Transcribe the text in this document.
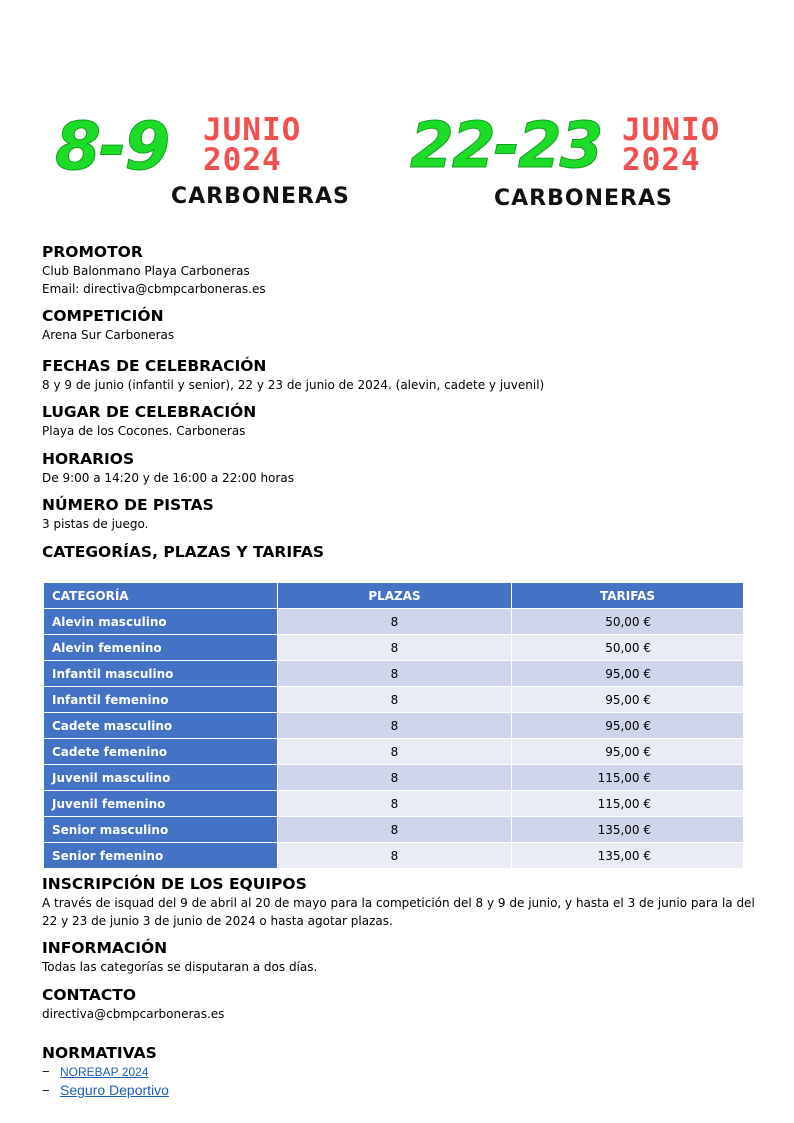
8-9 JUNIO
2024
CARBONERAS
22-23 JUNIO
2024
CARBONERAS

PROMOTOR

Club Balonmano Playa Carboneras

Email: directiva@cbmpcarboneras.es

COMPETICIÓN

Arena Sur Carboneras

FECHAS DE CELEBRACIÓN

8 y 9 de junio (infantil y senior), 22 y 23 de junio de 2024. (alevin, cadete y juvenil)

LUGAR DE CELEBRACIÓN

Playa de los Cocones. Carboneras

HORARIOS

De 9:00 a 14:20 y de 16:00 a 22:00 horas

NÚMERO DE PISTAS

3 pistas de juego.

CATEGORÍAS, PLAZAS Y TARIFAS

CATEGORÍA	PLAZAS	TARIFAS
Alevin masculino	8	50,00 €
Alevin femenino	8	50,00 €
Infantil masculino	8	95,00 €
Infantil femenino	8	95,00 €
Cadete masculino	8	95,00 €
Cadete femenino	8	95,00 €
Juvenil masculino	8	115,00 €
Juvenil femenino	8	115,00 €
Senior masculino	8	135,00 €
Senior femenino	8	135,00 €

INSCRIPCIÓN DE LOS EQUIPOS

A través de isquad del 9 de abril al 20 de mayo para la competición del 8 y 9 de junio, y hasta el 3 de junio para la del

22 y 23 de junio 3 de junio de 2024 o hasta agotar plazas.

INFORMACIÓN

Todas las categorías se disputaran a dos días.

CONTACTO

directiva@cbmpcarboneras.es

NORMATIVAS

− NOREBAP 2024
− Seguro Deportivo
